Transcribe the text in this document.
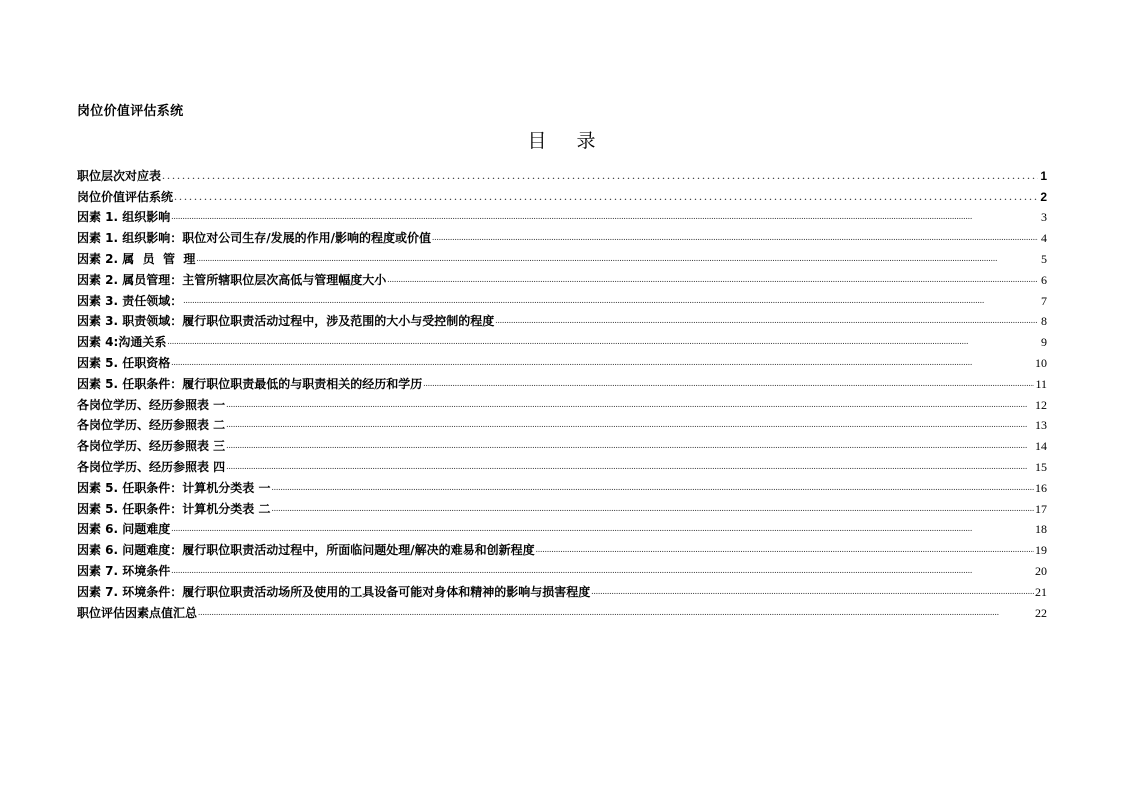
岗位价值评估系统
目 录
职位层次对应表 .....	1
岗位价值评估系统 .....	2
因素 1. 组织影响 .....	3
因素 1. 组织影响：职位对公司生存/发展的作用/影响的程度或价值 .....	4
因素 2. 属  员  管  理 .....	5
因素 2. 属员管理：主管所辖职位层次高低与管理幅度大小 .....	6
因素 3. 责任领域： .....	7
因素 3. 职责领域：履行职位职责活动过程中，涉及范围的大小与受控制的程度 .....	8
因素 4:沟通关系 .....	9
因素 5. 任职资格 .....	10
因素 5. 任职条件：履行职位职责最低的与职责相关的经历和学历 .....	11
各岗位学历、经历参照表 一 .....	12
各岗位学历、经历参照表 二 .....	13
各岗位学历、经历参照表 三 .....	14
各岗位学历、经历参照表 四 .....	15
因素 5. 任职条件：计算机分类表 一 .....	16
因素 5. 任职条件：计算机分类表 二 .....	17
因素 6. 问题难度 .....	18
因素 6. 问题难度：履行职位职责活动过程中，所面临问题处理/解决的难易和创新程度 .....	19
因素 7. 环境条件 .....	20
因素 7. 环境条件：履行职位职责活动场所及使用的工具设备可能对身体和精神的影响与损害程度 .....	21
职位评估因素点值汇总 .....	22
